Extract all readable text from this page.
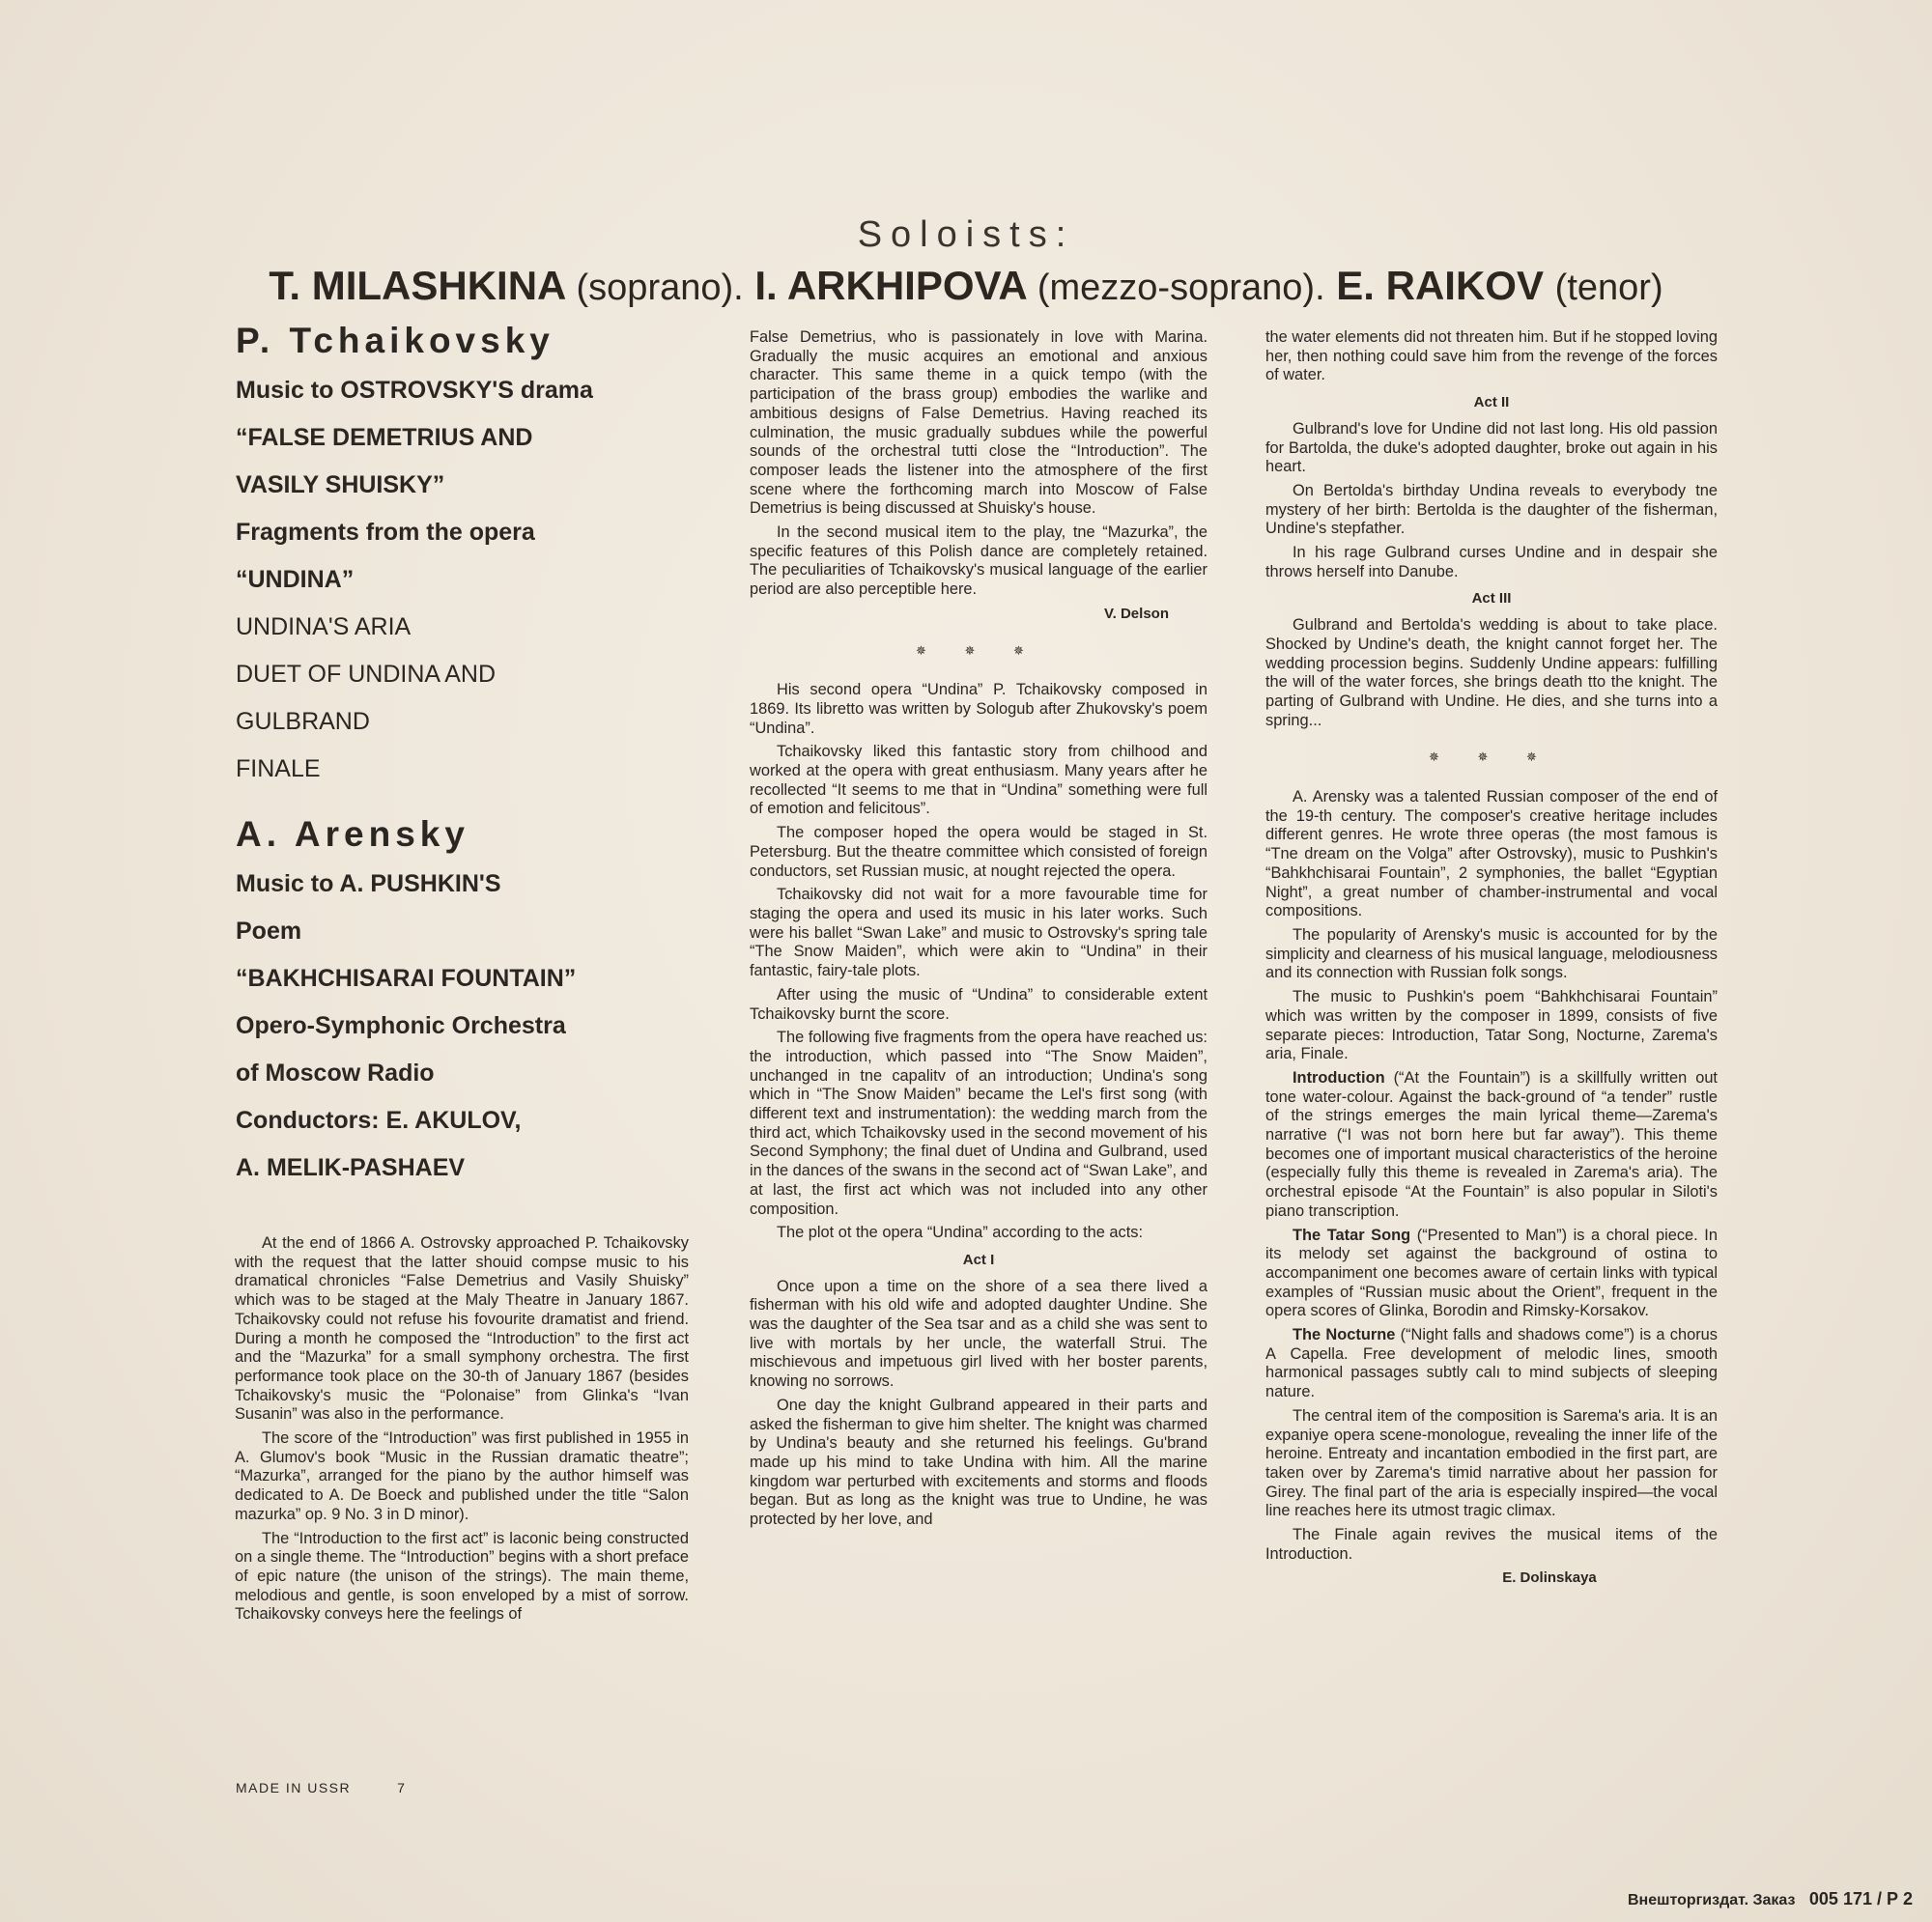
Soloists:
T. MILASHKINA (soprano). I. ARKHIPOVA (mezzo-soprano). E. RAIKOV (tenor)
P. Tchaikovsky
Music to OSTROVSKY'S drama
“FALSE DEMETRIUS AND
VASILY SHUISKY”
Fragments from the opera
“UNDINA”
UNDINA'S ARIA
DUET OF UNDINA AND
GULBRAND
FINALE
A. Arensky
Music to A. PUSHKIN'S
Poem
“BAKHCHISARAI FOUNTAIN”
Opero-Symphonic Orchestra
of Moscow Radio
Conductors: E. AKULOV,
A. MELIK-PASHAEV

At the end of 1866 A. Ostrovsky approached P. Tchaikovsky with the request that the latter shouid compse music to his dramatical chronicles “False Demetrius and Vasily Shuisky” which was to be staged at the Maly Theatre in January 1867. Tchaikovsky could not refuse his fovourite dramatist and friend. During a month he composed the “Introduction” to the first act and the “Mazurka” for a small symphony orchestra. The first performance took place on the 30-th of January 1867 (besides Tchaikovsky's music the “Polonaise” from Glinka's “Ivan Susanin” was also in the performance.

The score of the “Introduction” was first published in 1955 in A. Glumov's book “Music in the Russian dramatic theatre”; “Mazurka”, arranged for the piano by the author himself was dedicated to A. De Boeck and published under the title “Salon mazurka” op. 9 No. 3 in D minor).

The “Introduction to the first act” is laconic being constructed on a single theme. The “Introduction” begins with a short preface of epic nature (the unison of the strings). The main theme, melodious and gentle, is soon enveloped by a mist of sorrow. Tchaikovsky conveys here the feelings of

False Demetrius, who is passionately in love with Marina. Gradually the music acquires an emotional and anxious character. This same theme in a quick tempo (with the participation of the brass group) embodies the warlike and ambitious designs of False Demetrius. Having reached its culmination, the music gradually subdues while the powerful sounds of the orchestral tutti close the “Introduction”. The composer leads the listener into the atmosphere of the first scene where the forthcoming march into Moscow of False Demetrius is being discussed at Shuisky's house.

In the second musical item to the play, tne “Mazurka”, the specific features of this Polish dance are completely retained. The peculiarities of Tchaikovsky's musical language of the earlier period are also perceptible here.

V. Delson
✵ ✵ ✵

His second opera “Undina” P. Tchaikovsky composed in 1869. Its libretto was written by Sologub after Zhukovsky's poem “Undina”.

Tchaikovsky liked this fantastic story from chilhood and worked at the opera with great enthusiasm. Many years after he recollected “It seems to me that in “Undina” something were full of emotion and felicitous”.

The composer hoped the opera would be staged in St. Petersburg. But the theatre committee which consisted of foreign conductors, set Russian music, at nought rejected the opera.

Tchaikovsky did not wait for a more favourable time for staging the opera and used its music in his later works. Such were his ballet “Swan Lake” and music to Ostrovsky's spring tale “The Snow Maiden”, which were akin to “Undina” in their fantastic, fairy-tale plots.

After using the music of “Undina” to considerable extent Tchaikovsky burnt the score.

The following five fragments from the opera have reached us: the introduction, which passed into “The Snow Maiden”, unchanged in tne capalitv of an introduction; Undina's song which in “The Snow Maiden” became the Lel's first song (with different text and instrumentation): the wedding march from the third act, which Tchaikovsky used in the second movement of his Second Symphony; the final duet of Undina and Gulbrand, used in the dances of the swans in the second act of “Swan Lake”, and at last, the first act which was not included into any other composition.

The plot ot the opera “Undina” according to the acts:

Act I

Once upon a time on the shore of a sea there lived a fisherman with his old wife and adopted daughter Undine. She was the daughter of the Sea tsar and as a child she was sent to live with mortals by her uncle, the waterfall Strui. The mischievous and impetuous girl lived with her boster parents, knowing no sorrows.

One day the knight Gulbrand appeared in their parts and asked the fisherman to give him shelter. The knight was charmed by Undina's beauty and she returned his feelings. Gu'brand made up his mind to take Undina with him. All the marine kingdom war perturbed with excitements and storms and floods began. But as long as the knight was true to Undine, he was protected by her love, and

the water elements did not threaten him. But if he stopped loving her, then nothing could save him from the revenge of the forces of water.

Act II

Gulbrand's love for Undine did not last long. His old passion for Bartolda, the duke's adopted daughter, broke out again in his heart.

On Bertolda's birthday Undina reveals to everybody tne mystery of her birth: Bertolda is the daughter of the fisherman, Undine's stepfather.

In his rage Gulbrand curses Undine and in despair she throws herself into Danube.

Act III

Gulbrand and Bertolda's wedding is about to take place. Shocked by Undine's death, the knight cannot forget her. The wedding procession begins. Suddenly Undine appears: fulfilling the will of the water forces, she brings death tto the knight. The parting of Gulbrand with Undine. He dies, and she turns into a spring...

✵ ✵ ✵

A. Arensky was a talented Russian composer of the end of the 19-th century. The composer's creative heritage includes different genres. He wrote three operas (the most famous is “Tne dream on the Volga” after Ostrovsky), music to Pushkin's “Bahkhchisarai Fountain”, 2 symphonies, the ballet “Egyptian Night”, a great number of chamber-instrumental and vocal compositions.

The popularity of Arensky's music is accounted for by the simplicity and clearness of his musical language, melodiousness and its connection with Russian folk songs.

The music to Pushkin's poem “Bahkhchisarai Fountain” which was written by the composer in 1899, consists of five separate pieces: Introduction, Tatar Song, Nocturne, Zarema's aria, Finale.

Introduction (“At the Fountain”) is a skillfully written out tone water-colour. Against the back-ground of “a tender” rustle of the strings emerges the main lyrical theme—Zarema's narrative (“I was not born here but far away”). This theme becomes one of important musical characteristics of the heroine (especially fully this theme is revealed in Zarema's aria). The orchestral episode “At the Fountain” is also popular in Siloti's piano transcription.

The Tatar Song (“Presented to Man”) is a choral piece. In its melody set against the background of ostina to accompaniment one becomes aware of certain links with typical examples of “Russian music about the Orient”, frequent in the opera scores of Glinka, Borodin and Rimsky-Korsakov.

The Nocturne (“Night falls and shadows come”) is a chorus A Capella. Free development of melodic lines, smooth harmonical passages subtly calı to mind subjects of sleeping nature.

The central item of the composition is Sarema's aria. It is an expaniye opera scene-monologue, revealing the inner life of the heroine. Entreaty and incantation embodied in the first part, are taken over by Zarema's timid narrative about her passion for Girey. The final part of the aria is especially inspired—the vocal line reaches here its utmost tragic climax.

The Finale again revives the musical items of the Introduction.

E. Dolinskaya
MADE IN USSR	7
Внешторгиздат. Заказ 005 171 / Р 2
